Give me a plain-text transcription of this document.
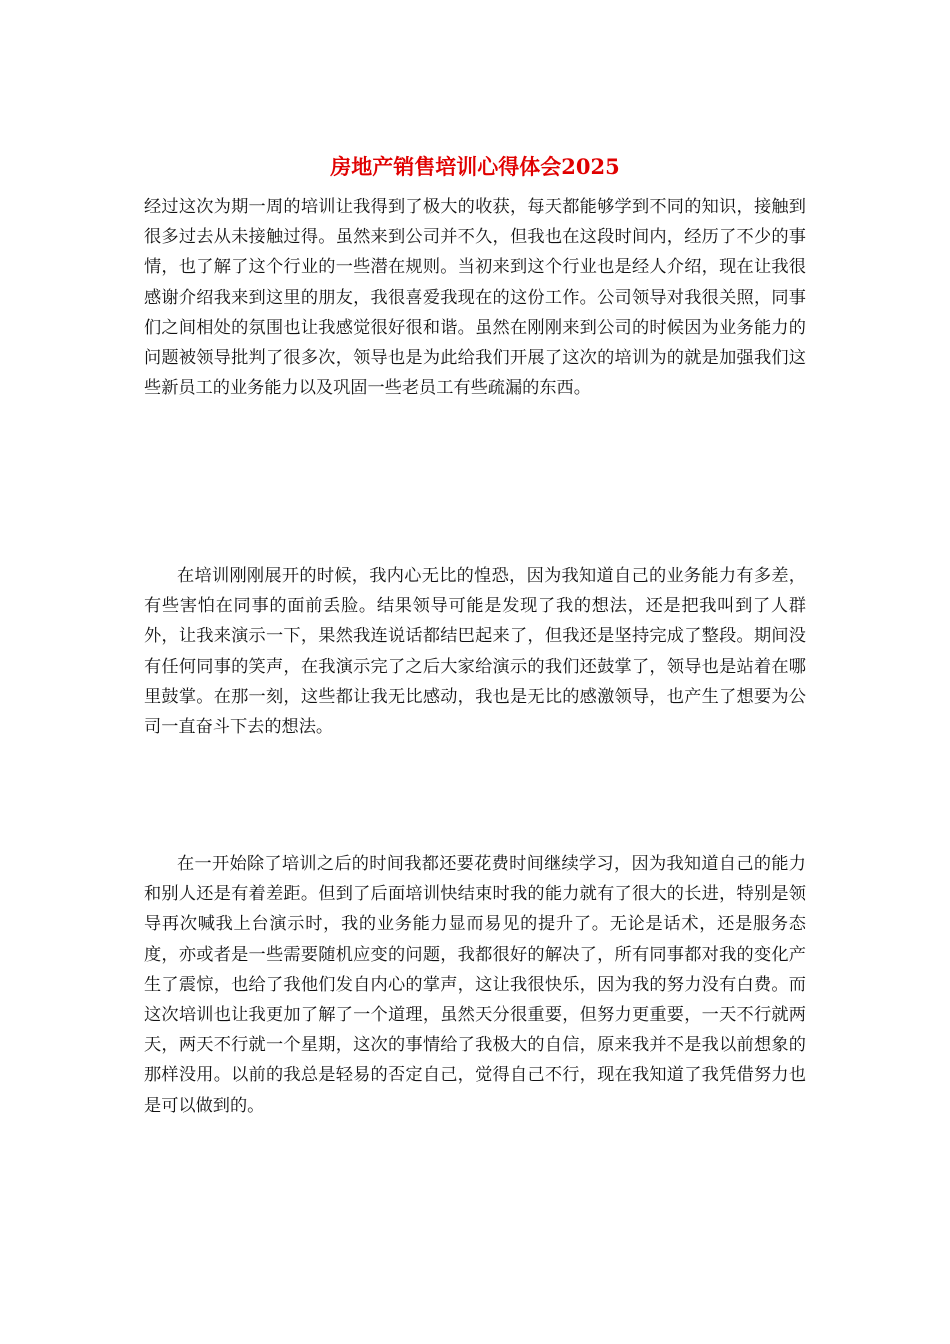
房地产销售培训心得体会2025

经过这次为期一周的培训让我得到了极大的收获，每天都能够学到不同的知识，接触到很多过去从未接触过得。虽然来到公司并不久，但我也在这段时间内，经历了不少的事情，也了解了这个行业的一些潜在规则。当初来到这个行业也是经人介绍，现在让我很感谢介绍我来到这里的朋友，我很喜爱我现在的这份工作。公司领导对我很关照，同事们之间相处的氛围也让我感觉很好很和谐。虽然在刚刚来到公司的时候因为业务能力的问题被领导批判了很多次，领导也是为此给我们开展了这次的培训为的就是加强我们这些新员工的业务能力以及巩固一些老员工有些疏漏的东西。

在培训刚刚展开的时候，我内心无比的惶恐，因为我知道自己的业务能力有多差，有些害怕在同事的面前丢脸。结果领导可能是发现了我的想法，还是把我叫到了人群外，让我来演示一下，果然我连说话都结巴起来了，但我还是坚持完成了整段。期间没有任何同事的笑声，在我演示完了之后大家给演示的我们还鼓掌了，领导也是站着在哪里鼓掌。在那一刻，这些都让我无比感动，我也是无比的感激领导，也产生了想要为公司一直奋斗下去的想法。

在一开始除了培训之后的时间我都还要花费时间继续学习，因为我知道自己的能力和别人还是有着差距。但到了后面培训快结束时我的能力就有了很大的长进，特别是领导再次喊我上台演示时，我的业务能力显而易见的提升了。无论是话术，还是服务态度，亦或者是一些需要随机应变的问题，我都很好的解决了，所有同事都对我的变化产生了震惊，也给了我他们发自内心的掌声，这让我很快乐，因为我的努力没有白费。而这次培训也让我更加了解了一个道理，虽然天分很重要，但努力更重要，一天不行就两天，两天不行就一个星期，这次的事情给了我极大的自信，原来我并不是我以前想象的那样没用。以前的我总是轻易的否定自己，觉得自己不行，现在我知道了我凭借努力也是可以做到的。
